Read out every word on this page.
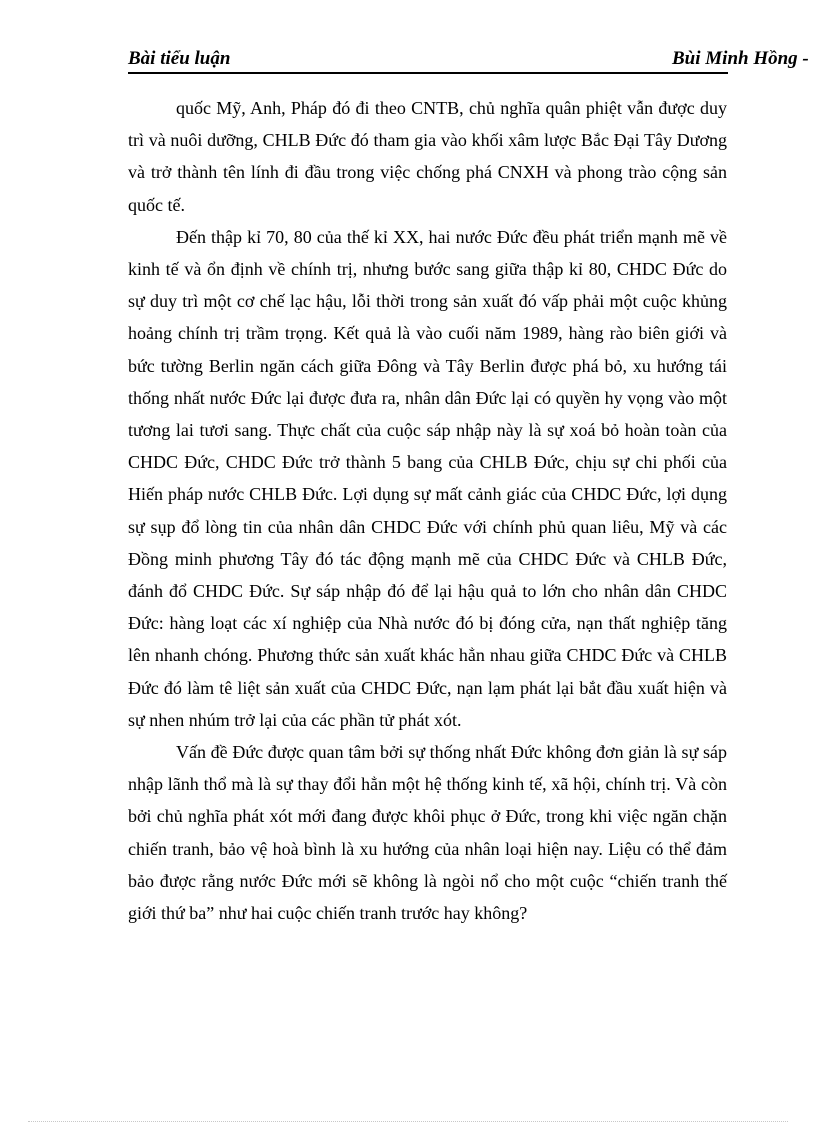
Bài tiểu luận	Bùi Minh Hồng -

quốc Mỹ, Anh, Pháp đó đi theo CNTB, chủ nghĩa quân phiệt vẫn được duy trì và nuôi dưỡng, CHLB Đức đó tham gia vào khối xâm lược Bắc Đại Tây Dương và trở thành tên lính đi đầu trong việc chống phá CNXH và phong trào cộng sản quốc tế.

Đến thập kỉ 70, 80 của thế kỉ XX, hai nước Đức đều phát triển mạnh mẽ về kinh tế và ổn định về chính trị, nhưng bước sang giữa thập kỉ 80, CHDC Đức do sự duy trì một cơ chế lạc hậu, lỗi thời trong sản xuất đó vấp phải một cuộc khủng hoảng chính trị trầm trọng. Kết quả là vào cuối năm 1989, hàng rào biên giới và bức tường Berlin ngăn cách giữa Đông và Tây Berlin được phá bỏ, xu hướng tái thống nhất nước Đức lại được đưa ra, nhân dân Đức lại có quyền hy vọng vào một tương lai tươi sang. Thực chất của cuộc sáp nhập này là sự xoá bỏ hoàn toàn của CHDC Đức, CHDC Đức trở thành 5 bang của CHLB Đức, chịu sự chi phối của Hiến pháp nước CHLB Đức. Lợi dụng sự mất cảnh giác của CHDC Đức, lợi dụng sự sụp đổ lòng tin của nhân dân CHDC Đức với chính phủ quan liêu, Mỹ và các Đồng minh phương Tây đó tác động mạnh mẽ của CHDC Đức và CHLB Đức, đánh đổ CHDC Đức. Sự sáp nhập đó để lại hậu quả to lớn cho nhân dân CHDC Đức: hàng loạt các xí nghiệp của Nhà nước đó bị đóng cửa, nạn thất nghiệp tăng lên nhanh chóng. Phương thức sản xuất khác hẳn nhau giữa CHDC Đức và CHLB Đức đó làm tê liệt sản xuất của CHDC Đức, nạn lạm phát lại bắt đầu xuất hiện và sự nhen nhúm trở lại của các phần tử phát xót.

Vấn đề Đức được quan tâm bởi sự thống nhất Đức không đơn giản là sự sáp nhập lãnh thổ mà là sự thay đổi hẳn một hệ thống kinh tế, xã hội, chính trị. Và còn bởi chủ nghĩa phát xót mới đang được khôi phục ở Đức, trong khi việc ngăn chặn chiến tranh, bảo vệ hoà bình là xu hướng của nhân loại hiện nay. Liệu có thể đảm bảo được rằng nước Đức mới sẽ không là ngòi nổ cho một cuộc “chiến tranh thế giới thứ ba” như hai cuộc chiến tranh trước hay không?
